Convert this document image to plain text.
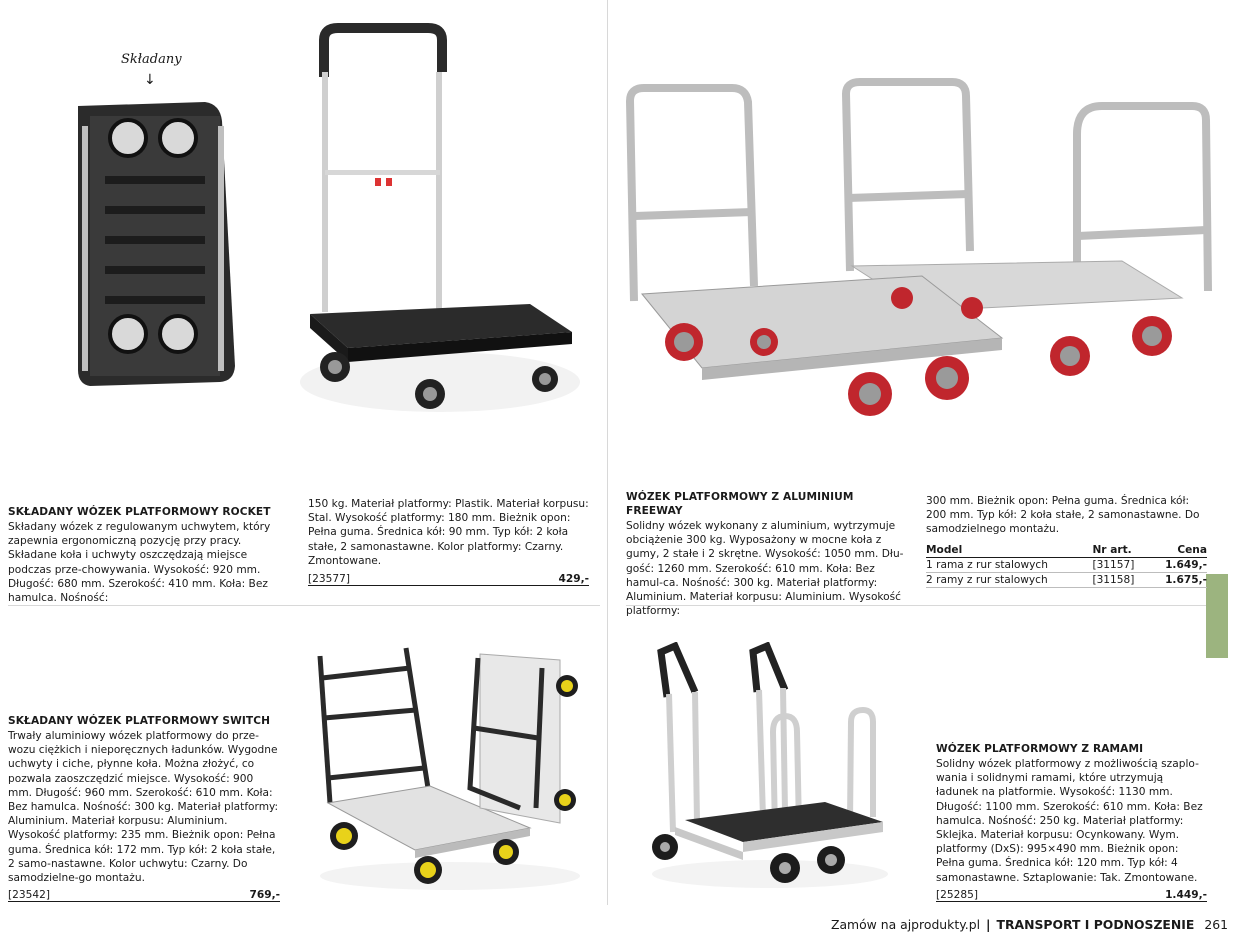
Składany
↓

SKŁADANY WÓZEK PLATFORMOWY ROCKET

Składany wózek z regulowanym uchwytem, który zapewnia ergonomiczną pozycję przy pracy. Składane koła i uchwyty oszczędzają miejsce podczas prze-chowywania. Wysokość: 920 mm. Długość: 680 mm. Szerokość: 410 mm. Koła: Bez hamulca. Nośność:

150 kg. Materiał platformy: Plastik. Materiał korpusu: Stal. Wysokość platformy: 180 mm. Bieżnik opon: Pełna guma. Średnica kół: 90 mm. Typ kół: 2 koła stałe, 2 samonastawne. Kolor platformy: Czarny. Zmontowane.

[23577]	429,-

WÓZEK PLATFORMOWY Z ALUMINIUM FREEWAY

Solidny wózek wykonany z aluminium, wytrzymuje obciążenie 300 kg. Wyposażony w mocne koła z gumy, 2 stałe i 2 skrętne. Wysokość: 1050 mm. Dłu-gość: 1260 mm. Szerokość: 610 mm. Koła: Bez hamul-ca. Nośność: 300 kg. Materiał platformy: Aluminium. Materiał korpusu: Aluminium. Wysokość platformy:

300 mm. Bieżnik opon: Pełna guma. Średnica kół: 200 mm. Typ kół: 2 koła stałe, 2 samonastawne. Do samodzielnego montażu.

Model	Nr art.	Cena
1 rama z rur stalowych	[31157]	1.649,-
2 ramy z rur stalowych	[31158]	1.675,-

SKŁADANY WÓZEK PLATFORMOWY SWITCH

Trwały aluminiowy wózek platformowy do prze-wozu ciężkich i nieporęcznych ładunków. Wygodne uchwyty i ciche, płynne koła. Można złożyć, co pozwala zaoszczędzić miejsce. Wysokość: 900 mm. Długość: 960 mm. Szerokość: 610 mm. Koła: Bez hamulca. Nośność: 300 kg. Materiał platformy: Aluminium. Materiał korpusu: Aluminium. Wysokość platformy: 235 mm. Bieżnik opon: Pełna guma. Średnica kół: 172 mm. Typ kół: 2 koła stałe, 2 samo-nastawne. Kolor uchwytu: Czarny. Do samodzielne-go montażu.

[23542]	769,-

WÓZEK PLATFORMOWY Z RAMAMI

Solidny wózek platformowy z możliwością szaplo-wania i solidnymi ramami, które utrzymują ładunek na platformie. Wysokość: 1130 mm. Długość: 1100 mm. Szerokość: 610 mm. Koła: Bez hamulca. Nośność: 250 kg. Materiał platformy: Sklejka. Materiał korpusu: Ocynkowany. Wym. platformy (DxS): 995×490 mm. Bieżnik opon: Pełna guma. Średnica kół: 120 mm. Typ kół: 4 samonastawne. Sztaplowanie: Tak. Zmontowane.

[25285]	1.449,-
Zamów na ajprodukty.pl | TRANSPORT I PODNOSZENIE 261
